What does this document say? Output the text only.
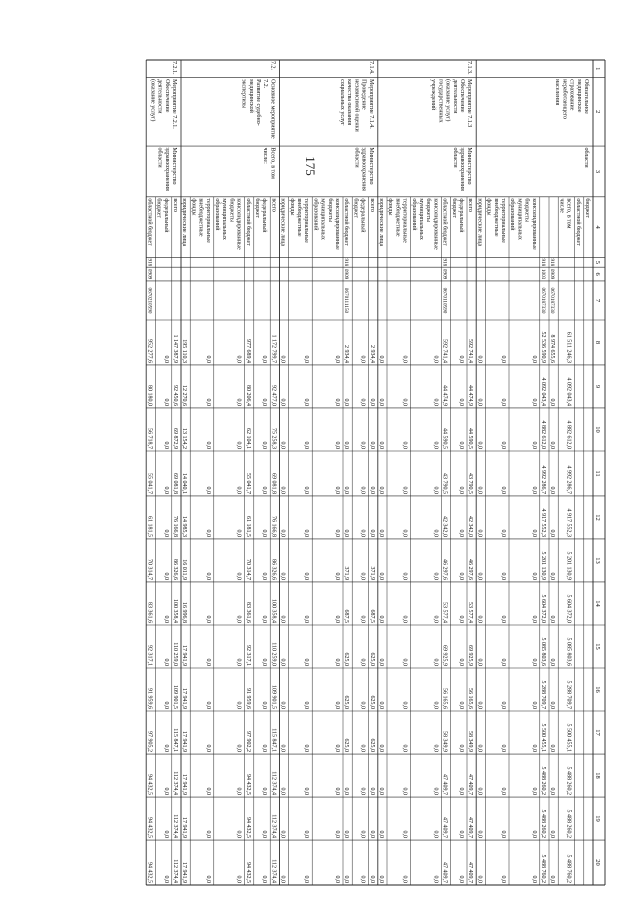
175
1
2
3
4
5
6
7
8
9
10
11
12
13
14
15
16
17
18
19
20
бюджет
областной бюджет
всего, в том
числе
61 511 246,3
4 092 043,4
4 882 612,0
4 992 286,7
4 917 552,3
5 201 130,9
5 604 372,0
5 085 803,6
5 288 709,7
5 500 455,1
5 488 260,2
5 488 260,2
5 488 760,2
918
0909
0670187330
8 974 655,6
0,0
0,0
0,0
0,0
0,0
0,0
0,0
0,0
0,0
0,0
0,0
0,0
918
1003
0670187330
52 536 590,9
4 092 043,4
4 882 612,0
4 992 286,7
4 917 552,3
5 201 130,9
5 604 372,0
5 085 803,6
5 288 709,7
5 500 455,1
5 488 260,2
5 488 260,2
5 488 760,2
консолидированные
бюджеты
муниципальных
образований
0,0
0,0
0,0
0,0
0,0
0,0
0,0
0,0
0,0
0,0
0,0
0,0
0,0
территориальные
внебюджетные
фонды
0,0
0,0
0,0
0,0
0,0
0,0
0,0
0,0
0,0
0,0
0,0
0,0
0,0
юридические лица
0,0
0,0
0,0
0,0
0,0
0,0
0,0
0,0
0,0
0,0
0,0
0,0
0,0
Обязательное
медицинское
страхование
неработающего
населения
области
всего
592 741,4
44 474,9
44 590,5
43 790,5
42 342,0
46 297,6
53 577,4
69 925,9
56 165,6
58 349,9
47 409,7
47 409,7
47 409,7
федеральный
бюджет
0,0
0,0
0,0
0,0
0,0
0,0
0,0
0,0
0,0
0,0
0,0
0,0
0,0
областной бюджет
918
0909
0670110590
592 741,4
44 474,9
44 590,5
43 790,5
42 342,0
46 297,6
53 577,4
69 925,9
56 165,6
58 349,9
47 409,7
47 409,7
47 409,7
консолидированные
бюджеты
муниципальных
образований
0,0
0,0
0,0
0,0
0,0
0,0
0,0
0,0
0,0
0,0
0,0
0,0
0,0
территориальные
внебюджетные
фонды
0,0
0,0
0,0
0,0
0,0
0,0
0,0
0,0
0,0
0,0
0,0
0,0
0,0
юридические лица
0,0
0,0
0,0
0,0
0,0
0,0
0,0
0,0
0,0
0,0
0,0
0,0
0,0
7.1.3.
Мероприятие 7.1.3
Обеспечение
деятельности
(оказание услуг)
государственных
учреждений
Министерство
здравоохранения
области
всего
2 934,4
0,0
0,0
0,0
0,0
371,9
687,5
625,0
625,0
625,0
0,0
0,0
0,0
федеральный
бюджет
0,0
0,0
0,0
0,0
0,0
0,0
0,0
0,0
0,0
0,0
0,0
0,0
0,0
областной бюджет
918
0909
0670111150
2 934,4
0,0
0,0
0,0
0,0
371,9
687,5
625,0
625,0
625,0
0,0
0,0
0,0
консолидированные
бюджеты
муниципальных
образований
0,0
0,0
0,0
0,0
0,0
0,0
0,0
0,0
0,0
0,0
0,0
0,0
0,0
территориальные
внебюджетные
фонды
0,0
0,0
0,0
0,0
0,0
0,0
0,0
0,0
0,0
0,0
0,0
0,0
0,0
юридические лица
0,0
0,0
0,0
0,0
0,0
0,0
0,0
0,0
0,0
0,0
0,0
0,0
0,0
7.1.4.
Мероприятие 7.1.4.
Проведение
независимой оценки
качества оказания
социальных услуг
Министерство
здравоохранения
области
всего
1 172 799,7
92 477,0
75 258,3
69 081,8
76 166,8
86 326,6
100 358,4
110 259,0
109 901,5
115 847,1
112 374,4
112 374,4
112 374,4
федеральный
бюджет
0,0
0,0
0,0
0,0
0,0
0,0
0,0
0,0
0,0
0,0
0,0
0,0
0,0
областной бюджет
977 689,4
80 206,4
62 104,1
55 041,7
61 181,5
70 314,7
83 361,6
92 317,1
91 959,6
97 902,2
94 432,5
94 432,5
94 432,5
консолидированные
бюджеты
муниципальных
образований
0,0
0,0
0,0
0,0
0,0
0,0
0,0
0,0
0,0
0,0
0,0
0,0
0,0
территориальные
внебюджетные
фонды
0,0
0,0
0,0
0,0
0,0
0,0
0,0
0,0
0,0
0,0
0,0
0,0
0,0
юридические лица
195 110,3
12 270,6
13 154,2
14 040,1
14 985,3
16 011,9
16 996,8
17 941,9
17 941,9
17 941,9
17 941,9
17 941,9
17 941,9
7.2.
Основное мероприятие
7.2.
Развитие судебно-
медицинской
экспертизы
Всего, в том
числе:
всего
1 147 387,9
92 450,6
69 872,9
69 081,8
76 166,8
86 326,6
100 358,4
110 259,0
109 901,5
115 847,1
112 374,4
112 374,4
112 374,4
федеральный
бюджет
0,0
0,0
0,0
0,0
0,0
0,0
0,0
0,0
0,0
0,0
0,0
0,0
0,0
областной бюджет
918
0909
0670210590
952 277,6
80 180,0
56 718,7
55 041,7
61 181,5
70 314,7
83 361,6
92 317,1
91 959,6
97 905,2
94 432,5
94 432,5
94 432,5
7.2.1.
Мероприятие 7.2.1.
Обеспечение
деятельности
(оказание услуг)
Министерство
здравоохранения
области
